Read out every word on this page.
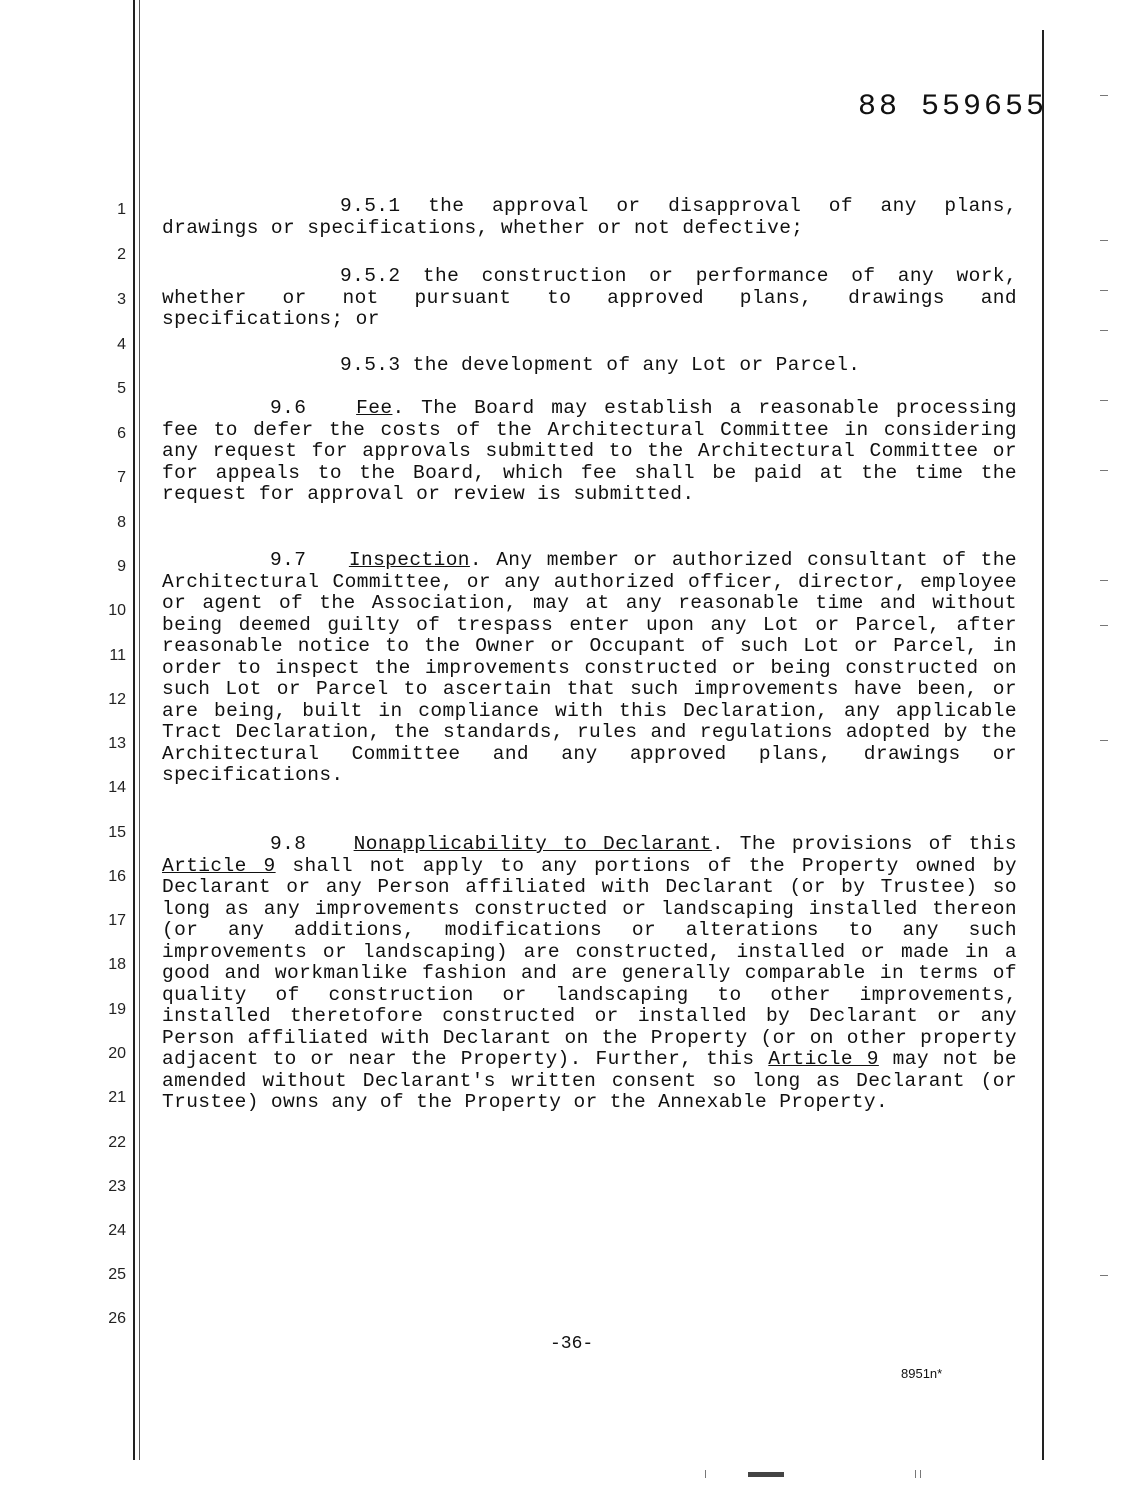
88 559655
1
2
3
4
5
6
7
8
9
10
11
12
13
14
15
16
17
18
19
20
21
22
23
24
25
26
9.5.1 the approval or disapproval of any plans, drawings or specifications, whether or not defective;
9.5.2 the construction or performance of any work, whether or not pursuant to approved plans, drawings and specifications; or
9.5.3 the development of any Lot or Parcel.
9.6	Fee. The Board may establish a reasonable processing fee to defer the costs of the Architectural Committee in considering any request for approvals submitted to the Architectural Committee or for appeals to the Board, which fee shall be paid at the time the request for approval or review is submitted.
9.7 Inspection. Any member or authorized consultant of the Architectural Committee, or any authorized officer, director, employee or agent of the Association, may at any reasonable time and without being deemed guilty of trespass enter upon any Lot or Parcel, after reasonable notice to the Owner or Occupant of such Lot or Parcel, in order to inspect the improvements constructed or being constructed on such Lot or Parcel to ascertain that such improvements have been, or are being, built in compliance with this Declaration, any applicable Tract Declaration, the standards, rules and regulations adopted by the Architectural Committee and any approved plans, drawings or specifications.
9.8 Nonapplicability to Declarant. The provisions of this Article 9 shall not apply to any portions of the Property owned by Declarant or any Person affiliated with Declarant (or by Trustee) so long as any improvements constructed or landscaping installed thereon (or any additions, modifications or alterations to any such improvements or landscaping) are constructed, installed or made in a good and workmanlike fashion and are generally comparable in terms of quality of construction or landscaping to other improvements, installed theretofore constructed or installed by Declarant or any Person affiliated with Declarant on the Property (or on other property adjacent to or near the Property). Further, this Article 9 may not be amended without Declarant's written consent so long as Declarant (or Trustee) owns any of the Property or the Annexable Property.
-36-
8951n*
